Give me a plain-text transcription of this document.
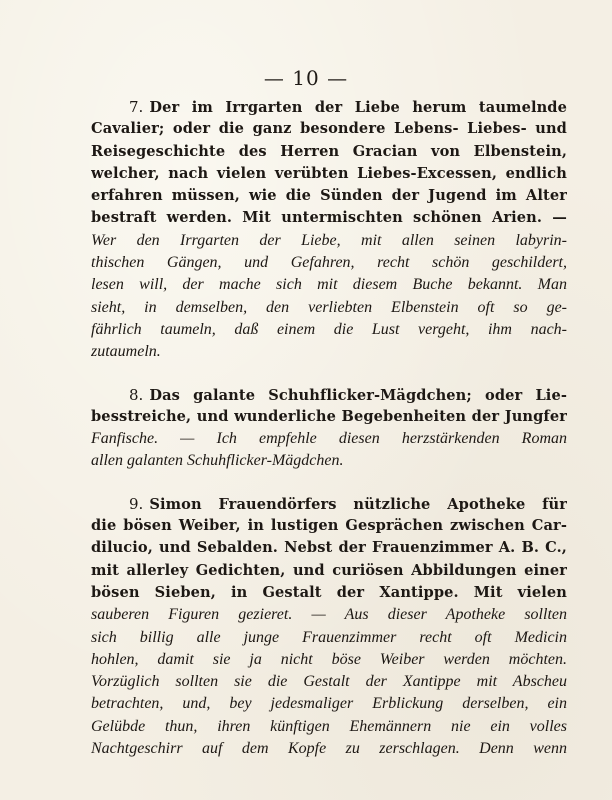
— 10 —
7. Der im Irrgarten der Liebe herum taumelnde
Cavalier; oder die ganz besondere Lebens- Liebes- und
Reisegeschichte des Herren Gracian von Elbenstein,
welcher, nach vielen verübten Liebes-Excessen, endlich
erfahren müssen, wie die Sünden der Jugend im Alter
bestraft werden. Mit untermischten schönen Arien. —
Wer den Irrgarten der Liebe, mit allen seinen labyrin-
thischen Gängen, und Gefahren, recht schön geschildert,
lesen will, der mache sich mit diesem Buche bekannt. Man
sieht, in demselben, den verliebten Elbenstein oft so ge-
fährlich taumeln, daß einem die Lust vergeht, ihm nach-
zutaumeln.
8. Das galante Schuhflicker-Mägdchen; oder Lie-
besstreiche, und wunderliche Begebenheiten der Jungfer
Fanfische. — Ich empfehle diesen herzstärkenden Roman
allen galanten Schuhflicker-Mägdchen.
9. Simon Frauendörfers nützliche Apotheke für
die bösen Weiber, in lustigen Gesprächen zwischen Car-
dilucio, und Sebalden. Nebst der Frauenzimmer A. B. C.,
mit allerley Gedichten, und curiösen Abbildungen einer
bösen Sieben, in Gestalt der Xantippe. Mit vielen
sauberen Figuren gezieret. — Aus dieser Apotheke sollten
sich billig alle junge Frauenzimmer recht oft Medicin
hohlen, damit sie ja nicht böse Weiber werden möchten.
Vorzüglich sollten sie die Gestalt der Xantippe mit Abscheu
betrachten, und, bey jedesmaliger Erblickung derselben, ein
Gelübde thun, ihren künftigen Ehemännern nie ein volles
Nachtgeschirr auf dem Kopfe zu zerschlagen. Denn wenn
